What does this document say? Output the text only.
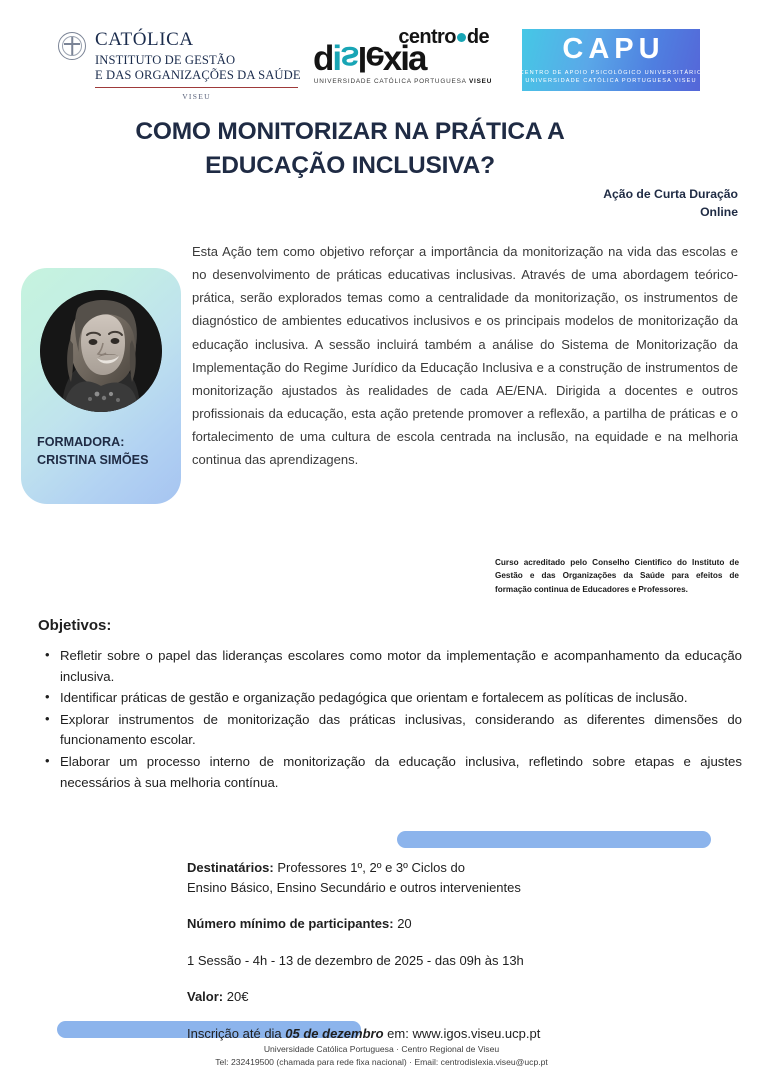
CATÓLICA
INSTITUTO DE GESTÃO
E DAS ORGANIZAÇÕES DA SAÚDE
VISEU
centro de
dislexia
UNIVERSIDADE CATÓLICA PORTUGUESA VISEU
CAPU
CENTRO DE APOIO PSICOLÓGICO UNIVERSITÁRIO
UNIVERSIDADE CATÓLICA PORTUGUESA VISEU
COMO MONITORIZAR NA PRÁTICA A
EDUCAÇÃO INCLUSIVA?
Ação de Curta Duração
Online
FORMADORA:
CRISTINA SIMÕES
Esta Ação tem como objetivo reforçar a importância da monitorização na vida das escolas e no desenvolvimento de práticas educativas inclusivas. Através de uma abordagem teórico-prática, serão explorados temas como a centralidade da monitorização, os instrumentos de diagnóstico de ambientes educativos inclusivos e os principais modelos de monitorização da educação inclusiva. A sessão incluirá também a análise do Sistema de Monitorização da Implementação do Regime Jurídico da Educação Inclusiva e a construção de instrumentos de monitorização ajustados às realidades de cada AE/ENA. Dirigida a docentes e outros profissionais da educação, esta ação pretende promover a reflexão, a partilha de práticas e o fortalecimento de uma cultura de escola centrada na inclusão, na equidade e na melhoria continua das aprendizagens.
Curso acreditado pelo Conselho Cientifico do Instituto de Gestão e das Organizações da Saúde para efeitos de formação continua de Educadores e Professores.
Objetivos:
• Refletir sobre o papel das lideranças escolares como motor da implementação e acompanhamento da educação inclusiva.
• Identificar práticas de gestão e organização pedagógica que orientam e fortalecem as políticas de inclusão.
• Explorar instrumentos de monitorização das práticas inclusivas, considerando as diferentes dimensões do funcionamento escolar.
• Elaborar um processo interno de monitorização da educação inclusiva, refletindo sobre etapas e ajustes necessários à sua melhoria contínua.
Destinatários: Professores 1º, 2º e 3º Ciclos do
Ensino Básico, Ensino Secundário e outros intervenientes
Número mínimo de participantes: 20
1 Sessão - 4h - 13 de dezembro de 2025 - das 09h às 13h
Valor: 20€
Inscrição até dia 05 de dezembro em: www.igos.viseu.ucp.pt
Universidade Católica Portuguesa · Centro Regional de Viseu
Tel: 232419500 (chamada para rede fixa nacional) · Email: centrodislexia.viseu@ucp.pt
